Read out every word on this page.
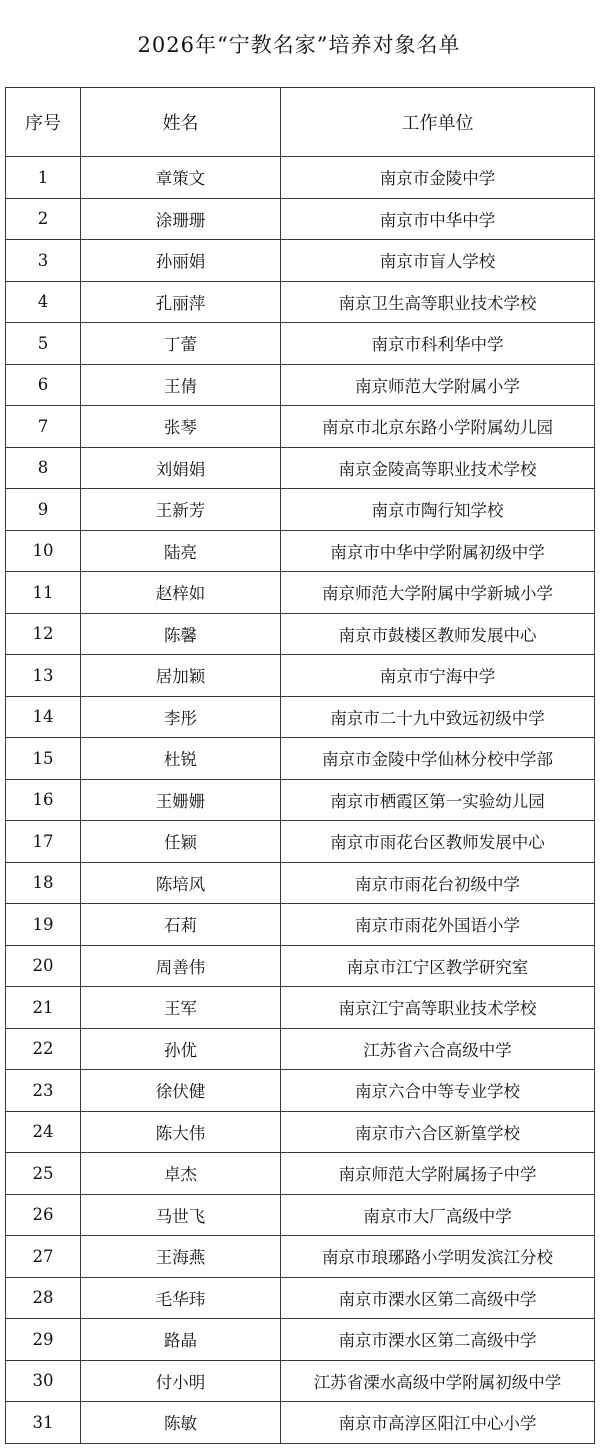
2026年“宁教名家”培养对象名单
序号	姓名	工作单位
1	章策文	南京市金陵中学
2	涂珊珊	南京市中华中学
3	孙丽娟	南京市盲人学校
4	孔丽萍	南京卫生高等职业技术学校
5	丁蕾	南京市科利华中学
6	王倩	南京师范大学附属小学
7	张琴	南京市北京东路小学附属幼儿园
8	刘娟娟	南京金陵高等职业技术学校
9	王新芳	南京市陶行知学校
10	陆亮	南京市中华中学附属初级中学
11	赵梓如	南京师范大学附属中学新城小学
12	陈馨	南京市鼓楼区教师发展中心
13	居加颖	南京市宁海中学
14	李彤	南京市二十九中致远初级中学
15	杜锐	南京市金陵中学仙林分校中学部
16	王姗姗	南京市栖霞区第一实验幼儿园
17	任颖	南京市雨花台区教师发展中心
18	陈培风	南京市雨花台初级中学
19	石莉	南京市雨花外国语小学
20	周善伟	南京市江宁区教学研究室
21	王军	南京江宁高等职业技术学校
22	孙优	江苏省六合高级中学
23	徐伏健	南京六合中等专业学校
24	陈大伟	南京市六合区新篁学校
25	卓杰	南京师范大学附属扬子中学
26	马世飞	南京市大厂高级中学
27	王海燕	南京市琅琊路小学明发滨江分校
28	毛华玮	南京市溧水区第二高级中学
29	路晶	南京市溧水区第二高级中学
30	付小明	江苏省溧水高级中学附属初级中学
31	陈敏	南京市高淳区阳江中心小学
